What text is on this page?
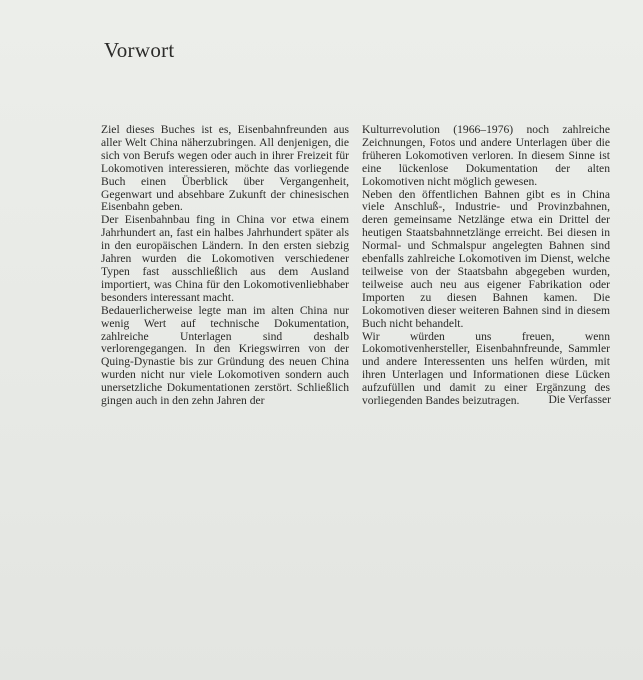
Vorwort

Ziel dieses Buches ist es, Eisenbahnfreunden aus aller Welt China näherzubringen. All denjenigen, die sich von Berufs wegen oder auch in ihrer Freizeit für Lokomotiven interessieren, möchte das vorliegende Buch einen Überblick über Vergangenheit, Gegenwart und absehbare Zukunft der chinesischen Eisenbahn geben.

Der Eisenbahnbau fing in China vor etwa einem Jahrhundert an, fast ein halbes Jahrhundert später als in den europäischen Ländern. In den ersten siebzig Jahren wurden die Lokomotiven verschiedener Typen fast ausschließlich aus dem Ausland importiert, was China für den Lokomotivenliebhaber besonders interessant macht.

Bedauerlicherweise legte man im alten China nur wenig Wert auf technische Dokumentation, zahlreiche Unterlagen sind deshalb verlorengegangen. In den Kriegswirren von der Quing-Dynastie bis zur Gründung des neuen China wurden nicht nur viele Lokomotiven sondern auch unersetzliche Dokumentationen zerstört. Schließlich gingen auch in den zehn Jahren der

Kulturrevolution (1966–1976) noch zahlreiche Zeichnungen, Fotos und andere Unterlagen über die früheren Lokomotiven verloren. In diesem Sinne ist eine lückenlose Dokumentation der alten Lokomotiven nicht möglich gewesen.

Neben den öffentlichen Bahnen gibt es in China viele Anschluß-, Industrie- und Provinzbahnen, deren gemeinsame Netzlänge etwa ein Drittel der heutigen Staatsbahnnetzlänge erreicht. Bei diesen in Normal- und Schmalspur angelegten Bahnen sind ebenfalls zahlreiche Lokomotiven im Dienst, welche teilweise von der Staatsbahn abgegeben wurden, teilweise auch neu aus eigener Fabrikation oder Importen zu diesen Bahnen kamen. Die Lokomotiven dieser weiteren Bahnen sind in diesem Buch nicht behandelt.

Wir würden uns freuen, wenn Lokomotivenhersteller, Eisenbahnfreunde, Sammler und andere Interessenten uns helfen würden, mit ihren Unterlagen und Informationen diese Lücken aufzufüllen und damit zu einer Ergänzung des vorliegenden Bandes beizutragen.	Die Verfasser
